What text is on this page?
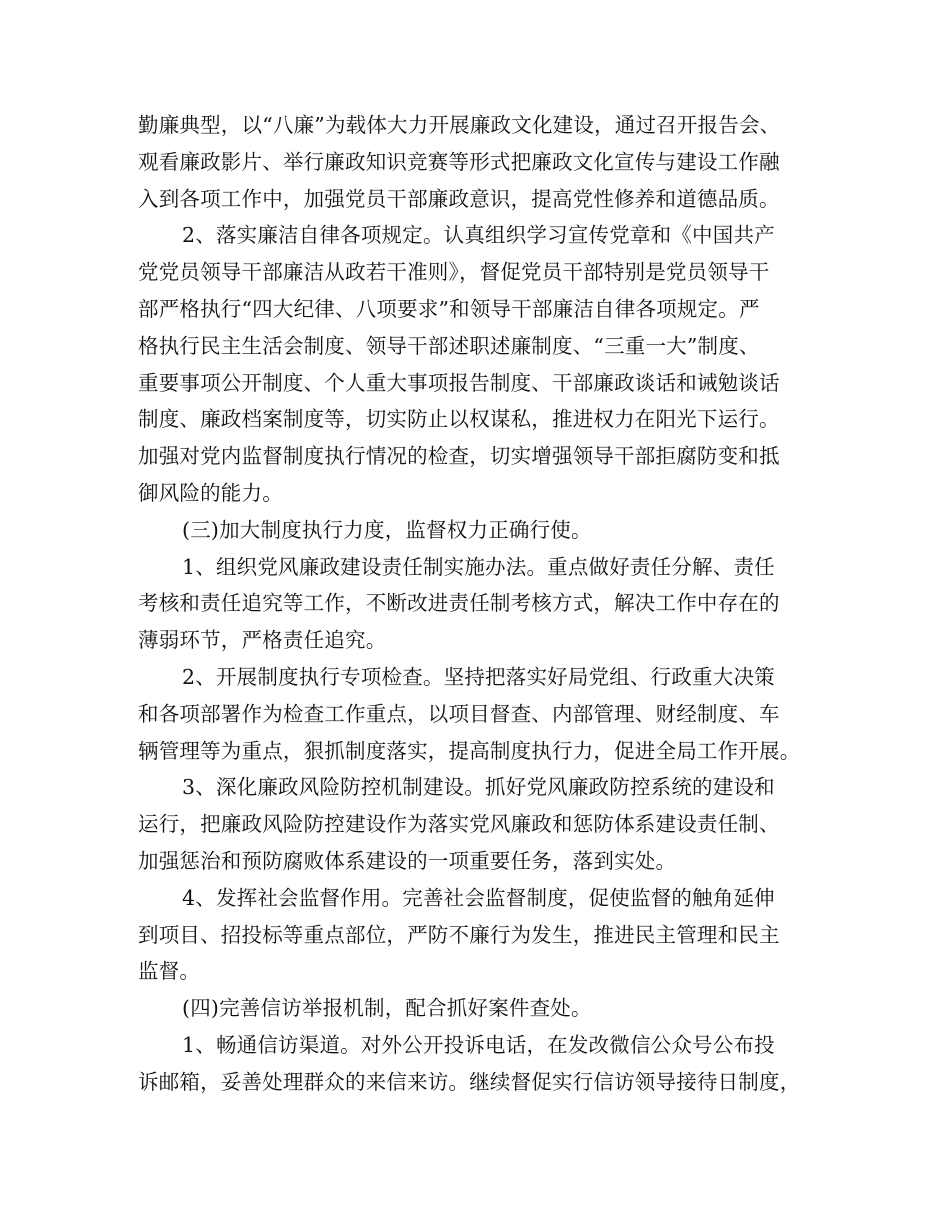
勤廉典型，以“八廉”为载体大力开展廉政文化建设，通过召开报告会、
观看廉政影片、举行廉政知识竞赛等形式把廉政文化宣传与建设工作融
入到各项工作中，加强党员干部廉政意识，提高党性修养和道德品质。
2、落实廉洁自律各项规定。认真组织学习宣传党章和《中国共产
党党员领导干部廉洁从政若干准则》，督促党员干部特别是党员领导干
部严格执行“四大纪律、八项要求”和领导干部廉洁自律各项规定。严
格执行民主生活会制度、领导干部述职述廉制度、“三重一大”制度、
重要事项公开制度、个人重大事项报告制度、干部廉政谈话和诫勉谈话
制度、廉政档案制度等，切实防止以权谋私，推进权力在阳光下运行。
加强对党内监督制度执行情况的检查，切实增强领导干部拒腐防变和抵
御风险的能力。
(三)加大制度执行力度，监督权力正确行使。
1、组织党风廉政建设责任制实施办法。重点做好责任分解、责任
考核和责任追究等工作，不断改进责任制考核方式，解决工作中存在的
薄弱环节，严格责任追究。
2、开展制度执行专项检查。坚持把落实好局党组、行政重大决策
和各项部署作为检查工作重点，以项目督查、内部管理、财经制度、车
辆管理等为重点，狠抓制度落实，提高制度执行力，促进全局工作开展。
3、深化廉政风险防控机制建设。抓好党风廉政防控系统的建设和
运行，把廉政风险防控建设作为落实党风廉政和惩防体系建设责任制、
加强惩治和预防腐败体系建设的一项重要任务，落到实处。
4、发挥社会监督作用。完善社会监督制度，促使监督的触角延伸
到项目、招投标等重点部位，严防不廉行为发生，推进民主管理和民主
监督。
(四)完善信访举报机制，配合抓好案件查处。
1、畅通信访渠道。对外公开投诉电话，在发改微信公众号公布投
诉邮箱，妥善处理群众的来信来访。继续督促实行信访领导接待日制度，
